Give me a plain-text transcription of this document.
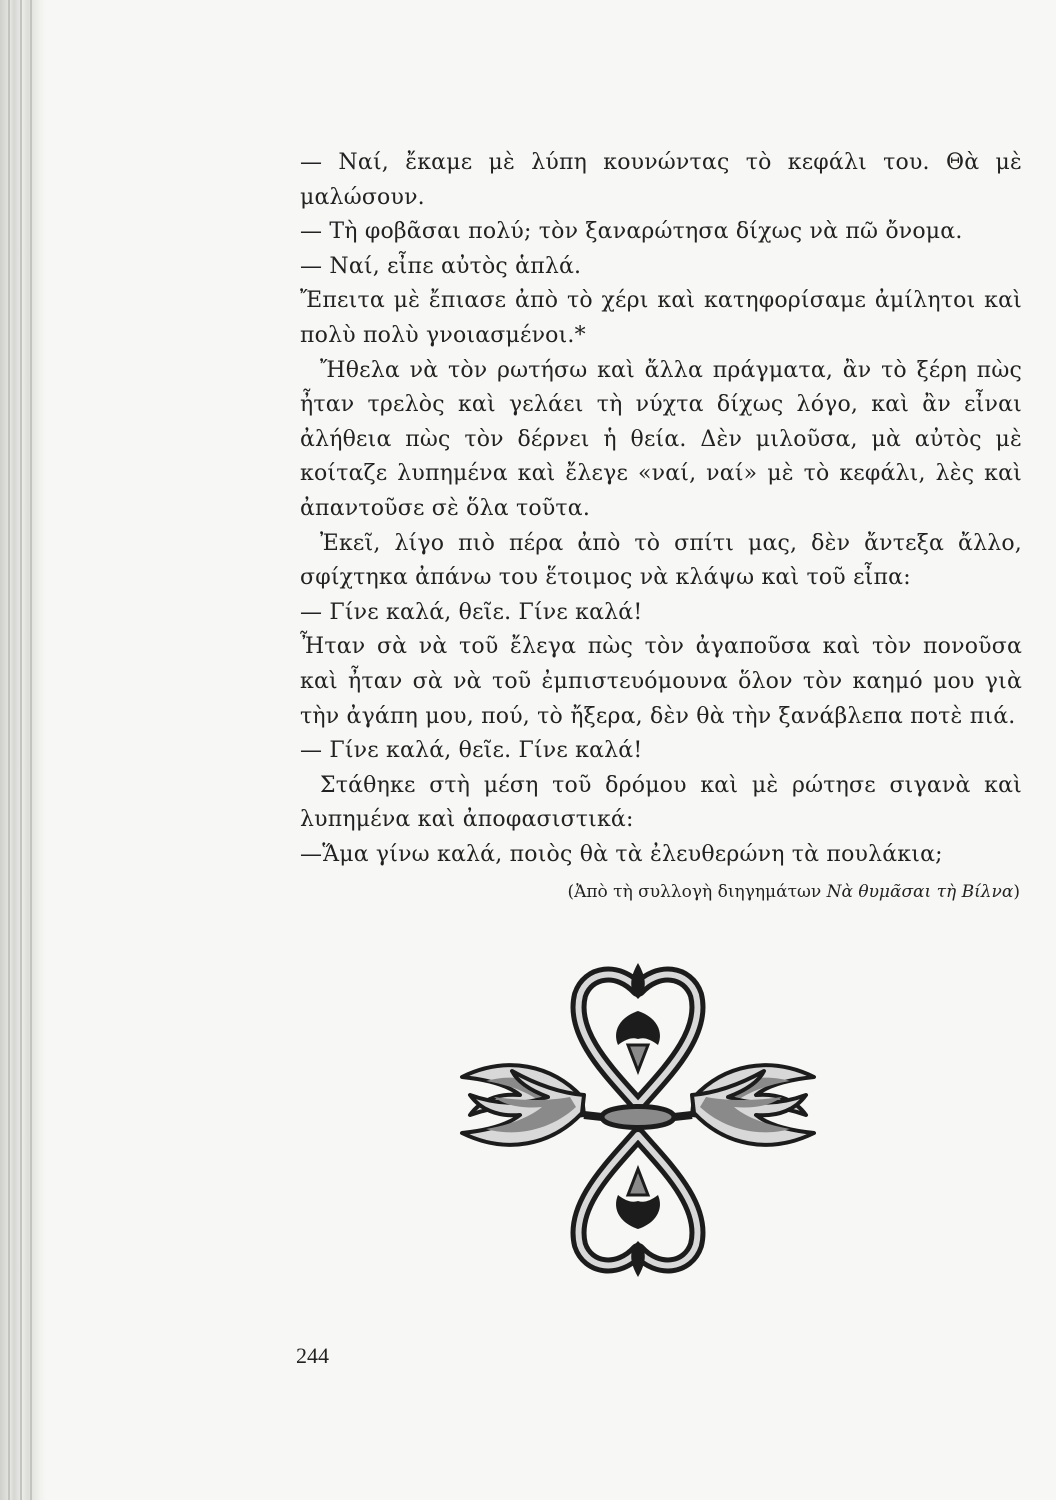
— Ναί, ἔκαμε μὲ λύπη κουνώντας τὸ κεφάλι του. Θὰ μὲ μαλώσουν.

— Τὴ φοβᾶσαι πολύ; τὸν ξαναρώτησα δίχως νὰ πῶ ὄνομα.

— Ναί, εἶπε αὐτὸς ἁπλά.

Ἔπειτα μὲ ἔπιασε ἀπὸ τὸ χέρι καὶ κατηφορίσαμε ἀμίλητοι καὶ πολὺ πολὺ γνοιασμένοι.*

Ἤθελα νὰ τὸν ρωτήσω καὶ ἄλλα πράγματα, ἂν τὸ ξέρη πὼς ἦταν τρελὸς καὶ γελάει τὴ νύχτα δίχως λόγο, καὶ ἂν εἶναι ἀλήθεια πὼς τὸν δέρνει ἡ θεία. Δὲν μιλοῦσα, μὰ αὐτὸς μὲ κοίταζε λυπημένα καὶ ἔλεγε «ναί, ναί» μὲ τὸ κεφάλι, λὲς καὶ ἀπαντοῦσε σὲ ὅλα τοῦτα.

Ἐκεῖ, λίγο πιὸ πέρα ἀπὸ τὸ σπίτι μας, δὲν ἄντεξα ἄλλο, σφίχτηκα ἀπάνω του ἕτοιμος νὰ κλάψω καὶ τοῦ εἶπα:

— Γίνε καλά, θεῖε. Γίνε καλά!

Ἦταν σὰ νὰ τοῦ ἔλεγα πὼς τὸν ἀγαποῦσα καὶ τὸν πονοῦσα καὶ ἦταν σὰ νὰ τοῦ ἐμπιστευόμουνα ὅλον τὸν καημό μου γιὰ τὴν ἀγάπη μου, πού, τὸ ἤξερα, δὲν θὰ τὴν ξανάβλεπα ποτὲ πιά.

— Γίνε καλά, θεῖε. Γίνε καλά!

Στάθηκε στὴ μέση τοῦ δρόμου καὶ μὲ ρώτησε σιγανὰ καὶ λυπημένα καὶ ἀποφασιστικά:

—Ἅμα γίνω καλά, ποιὸς θὰ τὰ ἐλευθερώνη τὰ πουλάκια;

(Ἀπὸ τὴ συλλογὴ διηγημάτων Νὰ θυμᾶσαι τὴ Βίλνα)
244
